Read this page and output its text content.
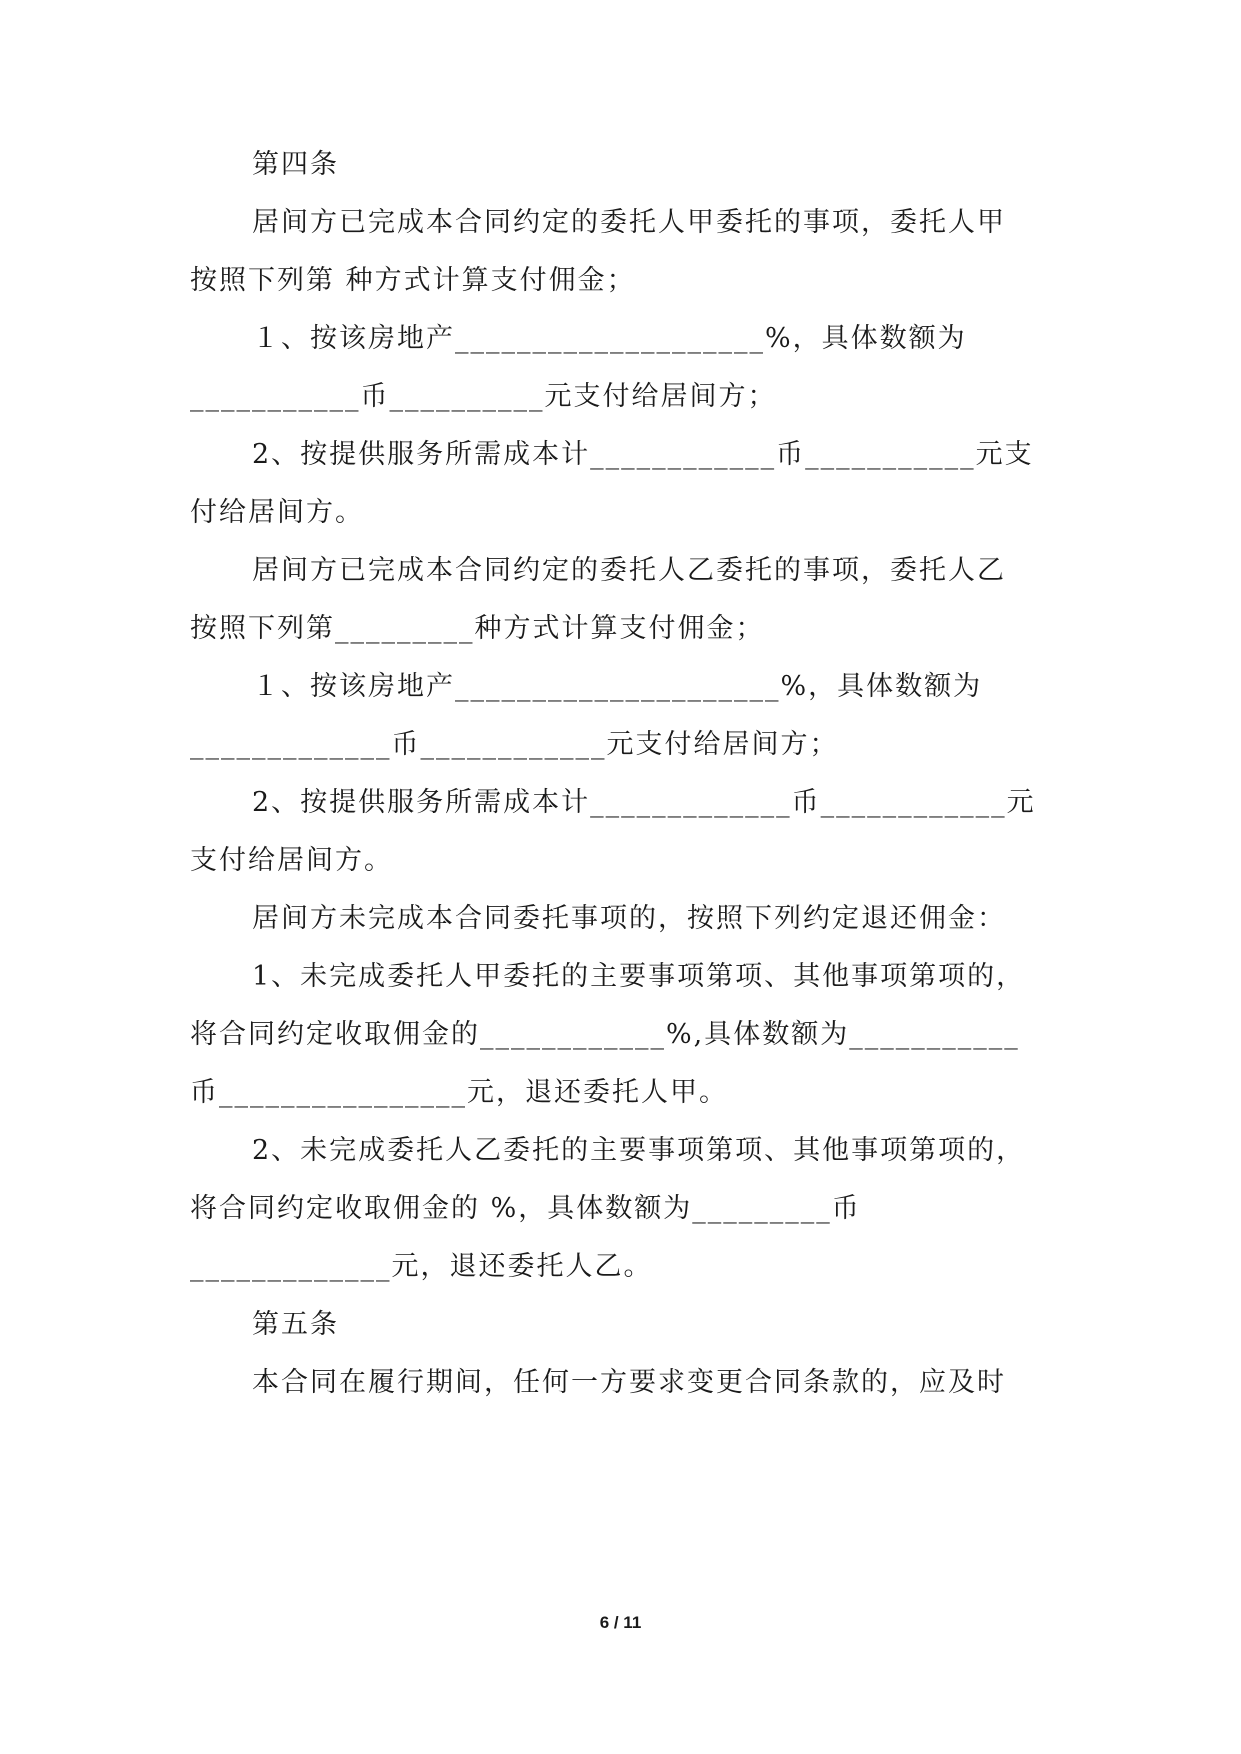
第四条
居间方已完成本合同约定的委托人甲委托的事项，委托人甲
按照下列第 种方式计算支付佣金；
１、按该房地产____________________%，具体数额为
___________币__________元支付给居间方；
2、按提供服务所需成本计____________币___________元支
付给居间方。
居间方已完成本合同约定的委托人乙委托的事项，委托人乙
按照下列第_________种方式计算支付佣金；
１、按该房地产_____________________%，具体数额为
_____________币____________元支付给居间方；
2、按提供服务所需成本计_____________币____________元
支付给居间方。
居间方未完成本合同委托事项的，按照下列约定退还佣金：
1、未完成委托人甲委托的主要事项第项、其他事项第项的，
将合同约定收取佣金的____________%,具体数额为___________
币________________元，退还委托人甲。
2、未完成委托人乙委托的主要事项第项、其他事项第项的，
将合同约定收取佣金的 %，具体数额为_________币
_____________元，退还委托人乙。
第五条
本合同在履行期间，任何一方要求变更合同条款的，应及时
6 / 11
